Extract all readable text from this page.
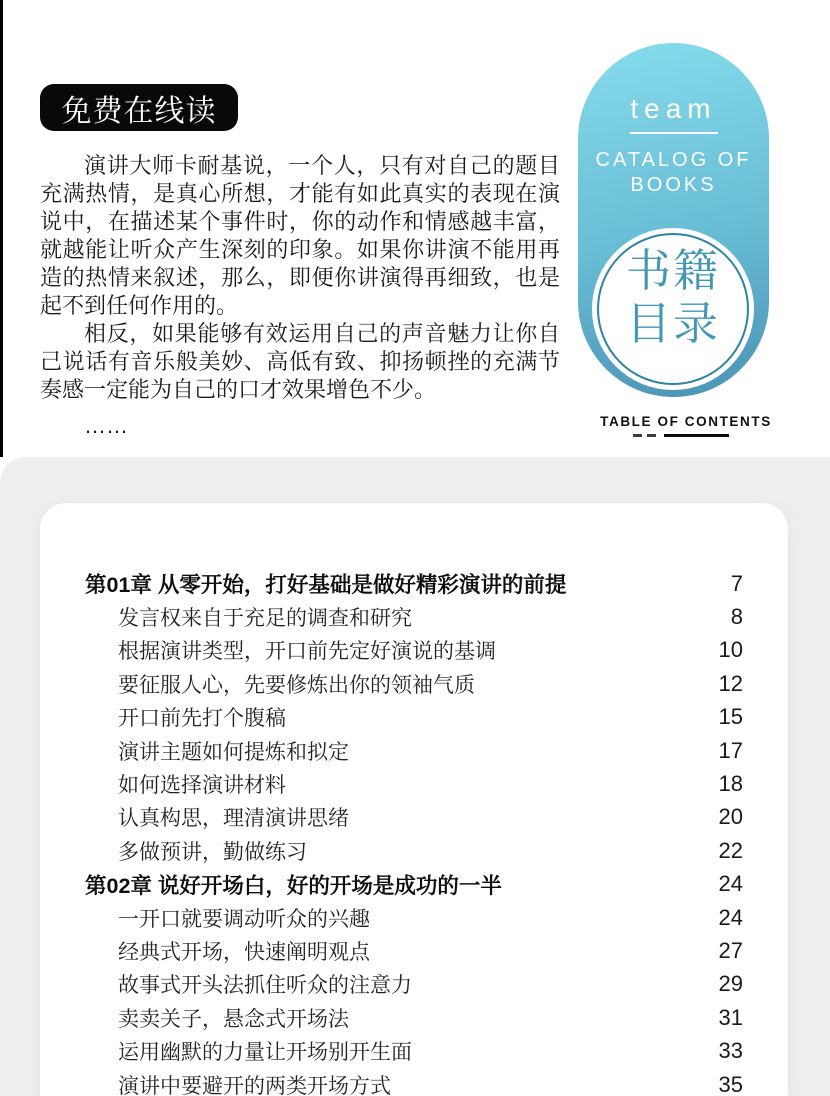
免费在线读

演讲大师卡耐基说，一个人，只有对自己的题目充满热情，是真心所想，才能有如此真实的表现在演说中，在描述某个事件时，你的动作和情感越丰富，就越能让听众产生深刻的印象。如果你讲演不能用再造的热情来叙述，那么，即便你讲演得再细致，也是起不到任何作用的。

相反，如果能够有效运用自己的声音魅力让你自己说话有音乐般美妙、高低有致、抑扬顿挫的充满节奏感一定能为自己的口才效果增色不少。

……

team
CATALOG OF
BOOKS
书籍
目录
TABLE OF CONTENTS
第01章 从零开始，打好基础是做好精彩演讲的前提	7
发言权来自于充足的调查和研究	8
根据演讲类型，开口前先定好演说的基调	10
要征服人心，先要修炼出你的领袖气质	12
开口前先打个腹稿	15
演讲主题如何提炼和拟定	17
如何选择演讲材料	18
认真构思，理清演讲思绪	20
多做预讲，勤做练习	22
第02章 说好开场白，好的开场是成功的一半	24
一开口就要调动听众的兴趣	24
经典式开场，快速阐明观点	27
故事式开头法抓住听众的注意力	29
卖卖关子，悬念式开场法	31
运用幽默的力量让开场别开生面	33
演讲中要避开的两类开场方式	35
